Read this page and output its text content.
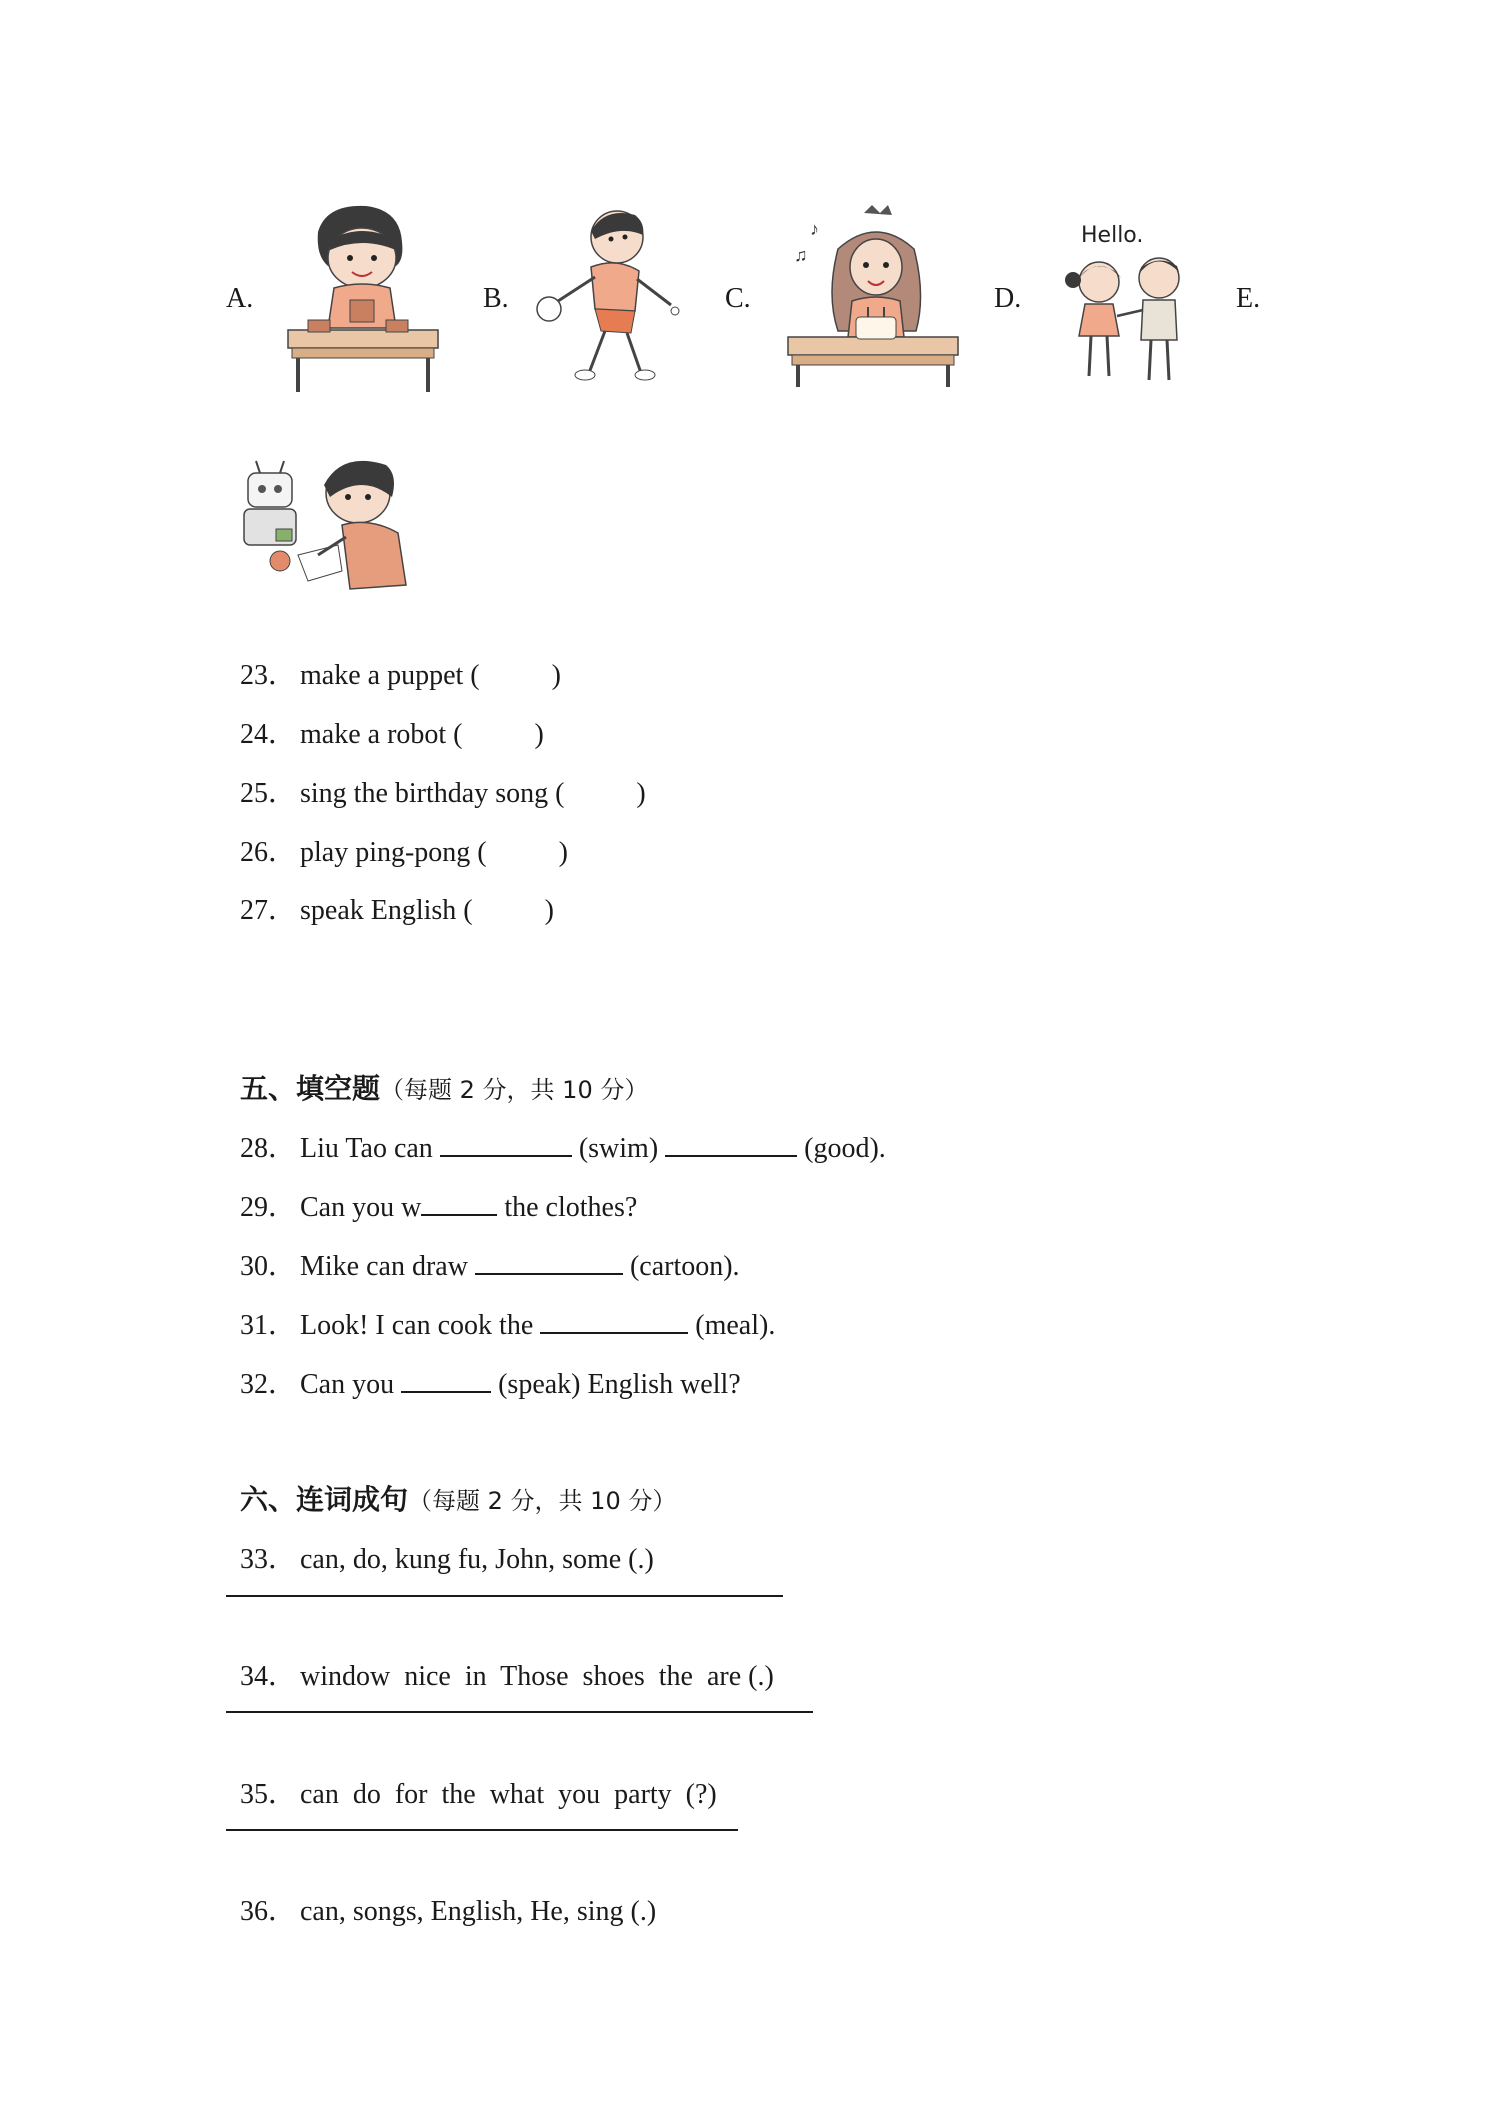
A.	B.	C.	D.	E.
♪
♫
Hello.

23． make a puppet (	)

24． make a robot (	)

25． sing the birthday song (	)

26． play ping-pong (	)

27． speak English (	)

五、填空题（每题 2 分，共 10 分）

28． Liu Tao can	(swim)	(good).

29． Can you w	the clothes?

30． Mike can draw	(cartoon).

31． Look! I can cook the	(meal).

32． Can you	(speak) English well?

六、连词成句（每题 2 分，共 10 分）

33． can, do, kung fu, John, some (.)

34． window  nice  in  Those  shoes  the  are (.)

35． can  do  for  the  what  you  party  (?)

36． can, songs, English, He, sing (.)
